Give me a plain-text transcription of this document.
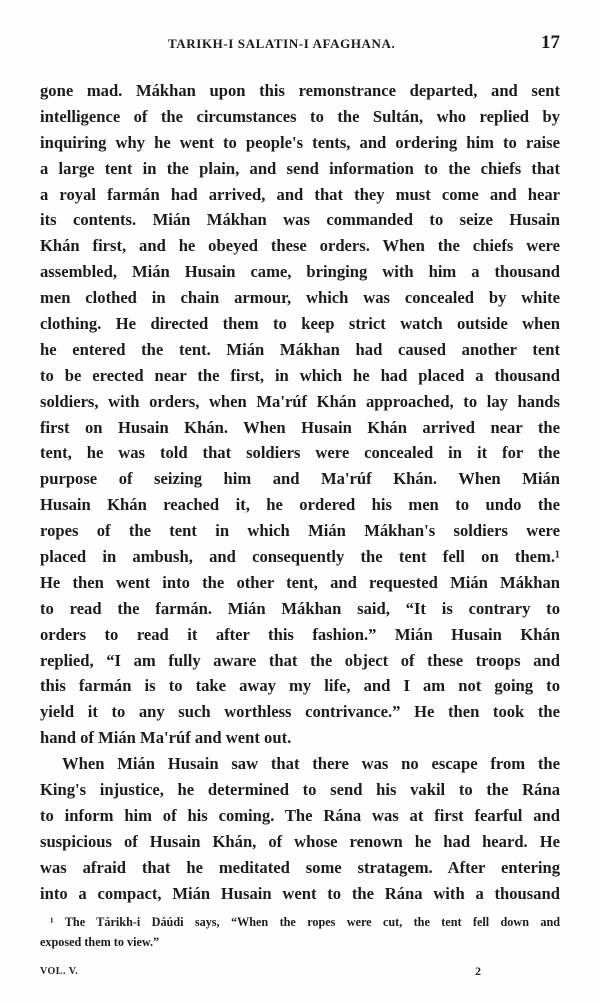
TARIKH-I SALATIN-I AFAGHANA.	17
gone mad. Mákhan upon this remonstrance departed, and sent
intelligence of the circumstances to the Sultán, who replied by
inquiring why he went to people's tents, and ordering him to raise
a large tent in the plain, and send information to the chiefs that
a royal farmán had arrived, and that they must come and hear
its contents. Mián Mákhan was commanded to seize Husain
Khán first, and he obeyed these orders. When the chiefs were
assembled, Mián Husain came, bringing with him a thousand
men clothed in chain armour, which was concealed by white
clothing. He directed them to keep strict watch outside when
he entered the tent. Mián Mákhan had caused another tent
to be erected near the first, in which he had placed a thousand
soldiers, with orders, when Ma'rúf Khán approached, to lay hands
first on Husain Khán. When Husain Khán arrived near the
tent, he was told that soldiers were concealed in it for the
purpose of seizing him and Ma'rúf Khán. When Mián
Husain Khán reached it, he ordered his men to undo the
ropes of the tent in which Mián Mákhan's soldiers were
placed in ambush, and consequently the tent fell on them.¹
He then went into the other tent, and requested Mián Mákhan
to read the farmán. Mián Mákhan said, “It is contrary to
orders to read it after this fashion.” Mián Husain Khán
replied, “I am fully aware that the object of these troops and
this farmán is to take away my life, and I am not going to
yield it to any such worthless contrivance.” He then took the
hand of Mián Ma'rúf and went out.
When Mián Husain saw that there was no escape from the
King's injustice, he determined to send his vakil to the Rána
to inform him of his coming. The Rána was at first fearful and
suspicious of Husain Khán, of whose renown he had heard. He
was afraid that he meditated some stratagem. After entering
into a compact, Mián Husain went to the Rána with a thousand
¹ The Tárikh-i Dáúdi says, “When the ropes were cut, the tent fell down and
exposed them to view.”
VOL. V.	2
